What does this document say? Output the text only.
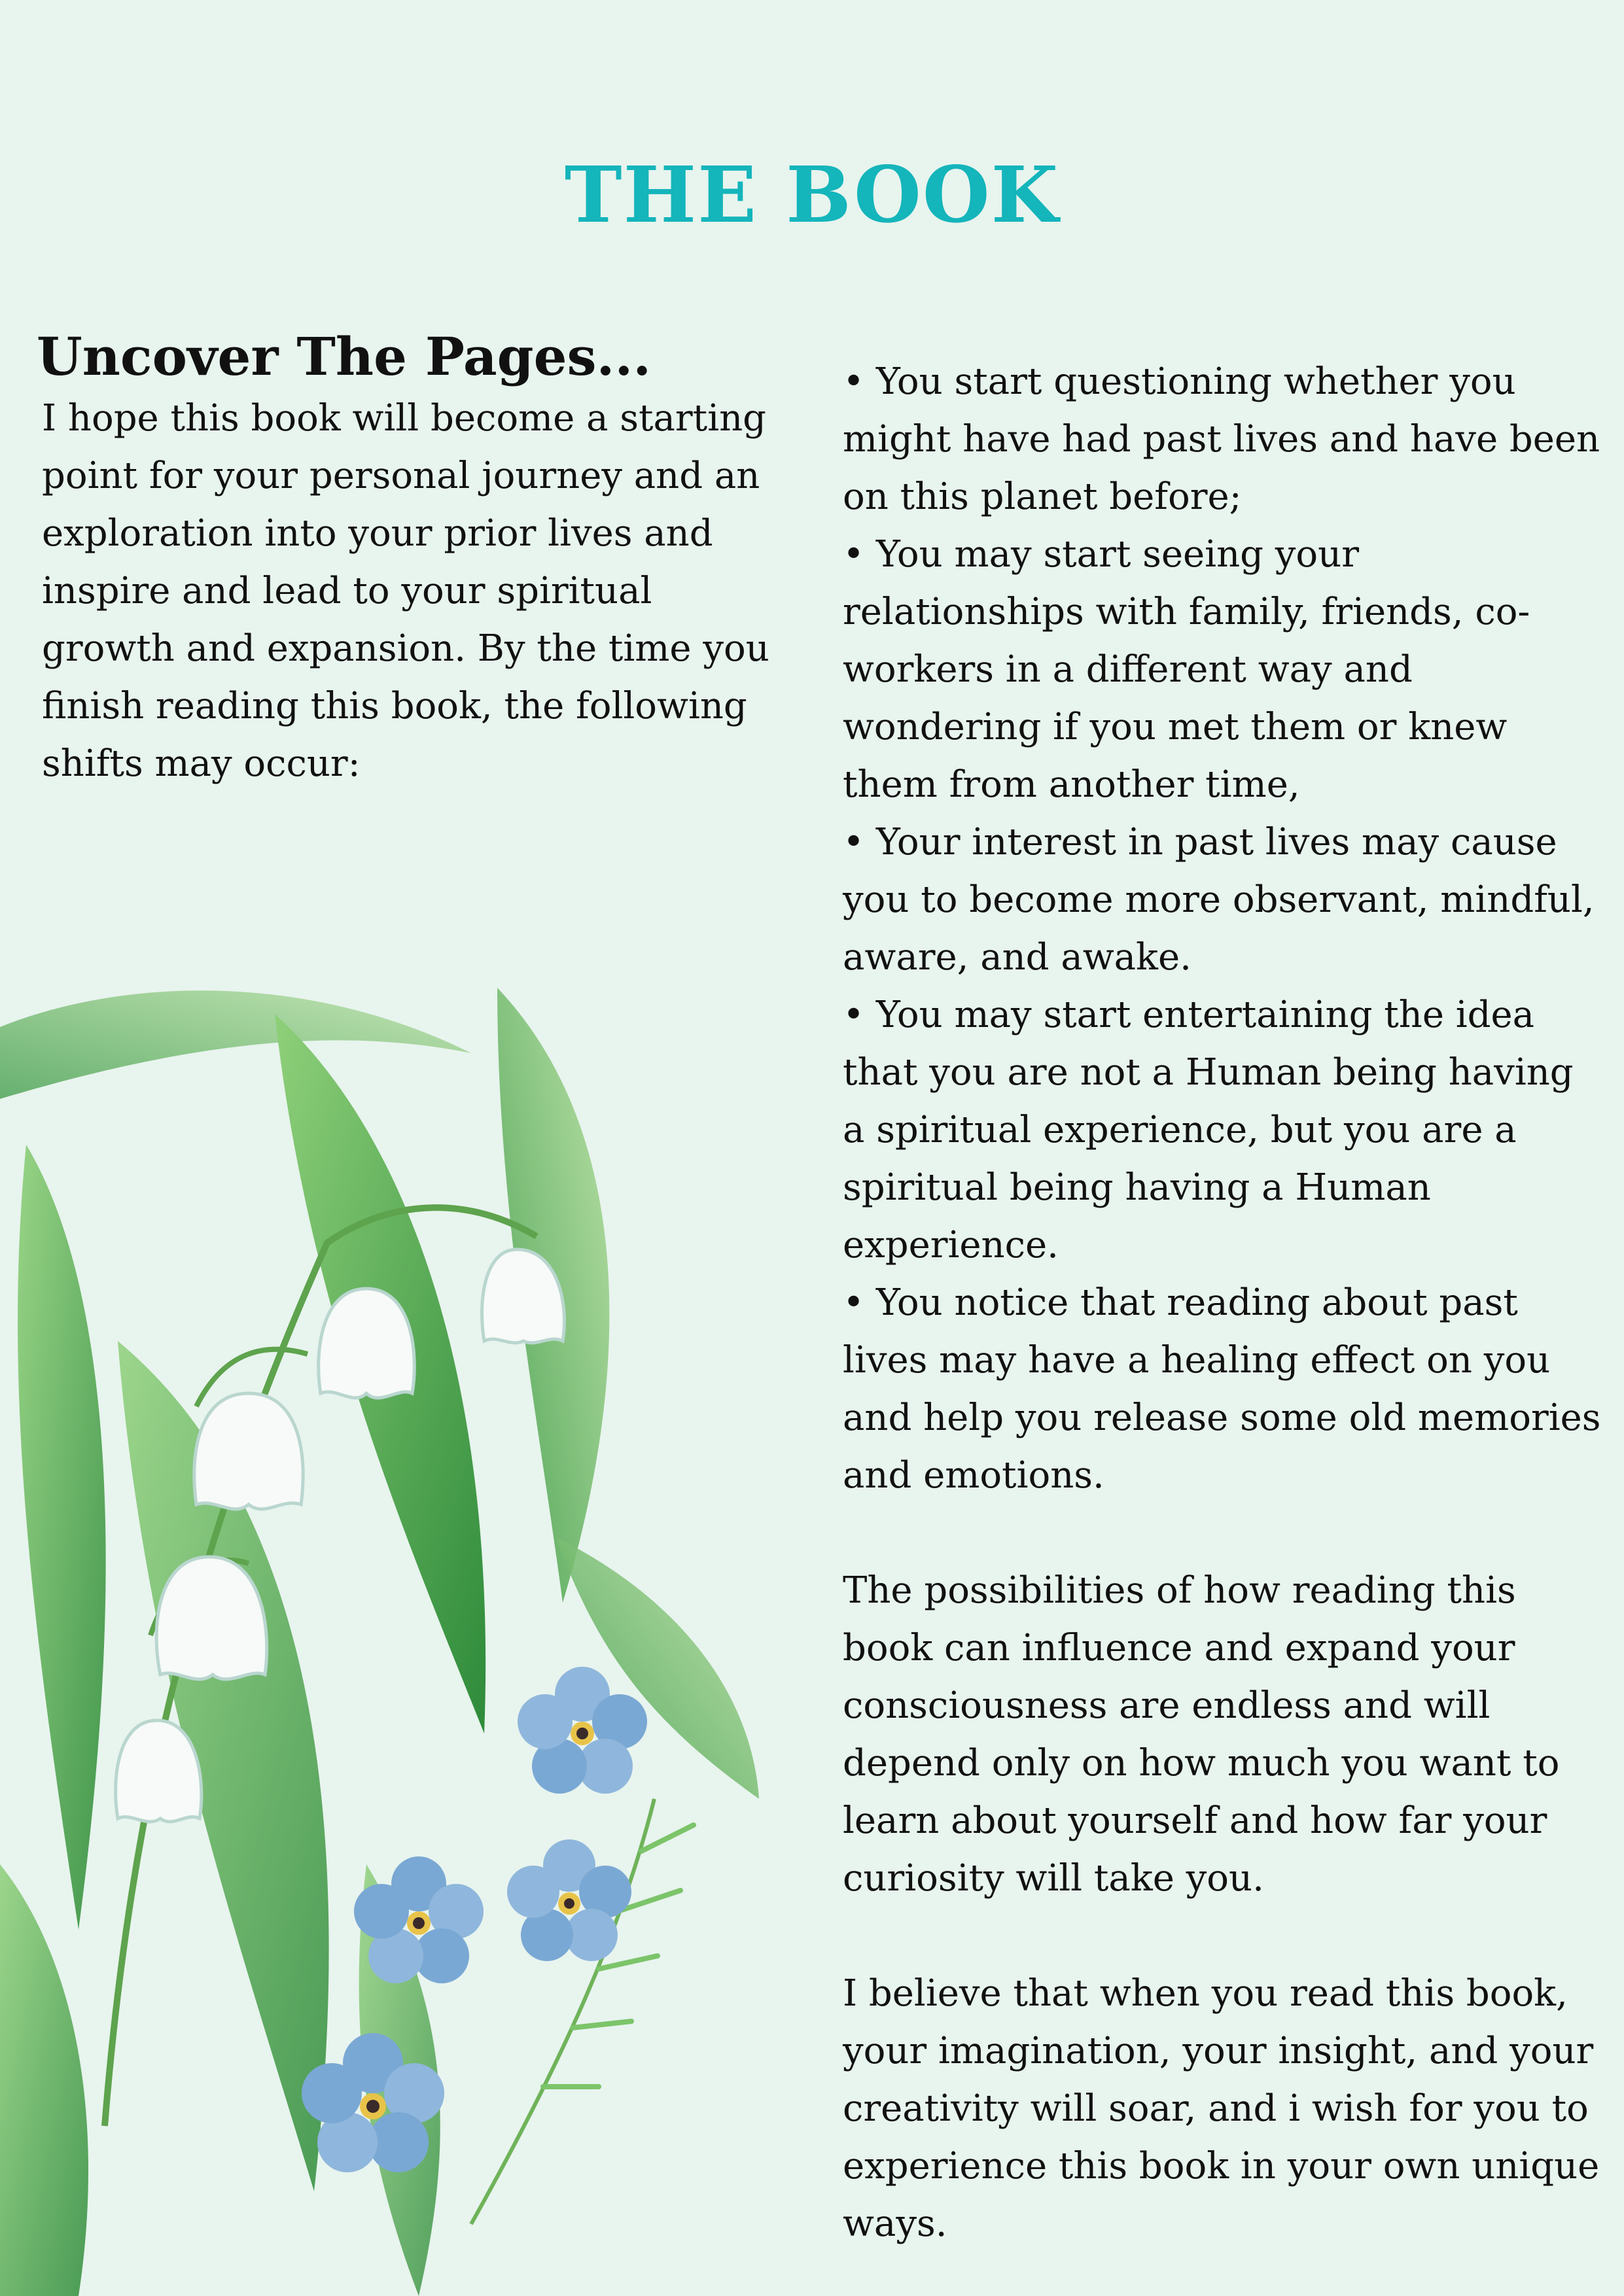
THE BOOK
Uncover The Pages...

I hope this book will become a starting point for your personal journey and an exploration into your prior lives and inspire and lead to your spiritual growth and expansion. By the time you finish reading this book, the following shifts may occur:

• You start questioning whether you might have had past lives and have been on this planet before;

• You may start seeing your relationships with family, friends, co-workers in a different way and wondering if you met them or knew them from another time,

• Your interest in past lives may cause you to become more observant, mindful, aware, and awake.

• You may start entertaining the idea that you are not a Human being having a spiritual experience, but you are a spiritual being having a Human experience.

• You notice that reading about past lives may have a healing effect on you and help you release some old memories and emotions.

The possibilities of how reading this book can influence and expand your consciousness are endless and will depend only on how much you want to learn about yourself and how far your curiosity will take you.

I believe that when you read this book, your imagination, your insight, and your creativity will soar, and i wish for you to experience this book in your own unique ways.
